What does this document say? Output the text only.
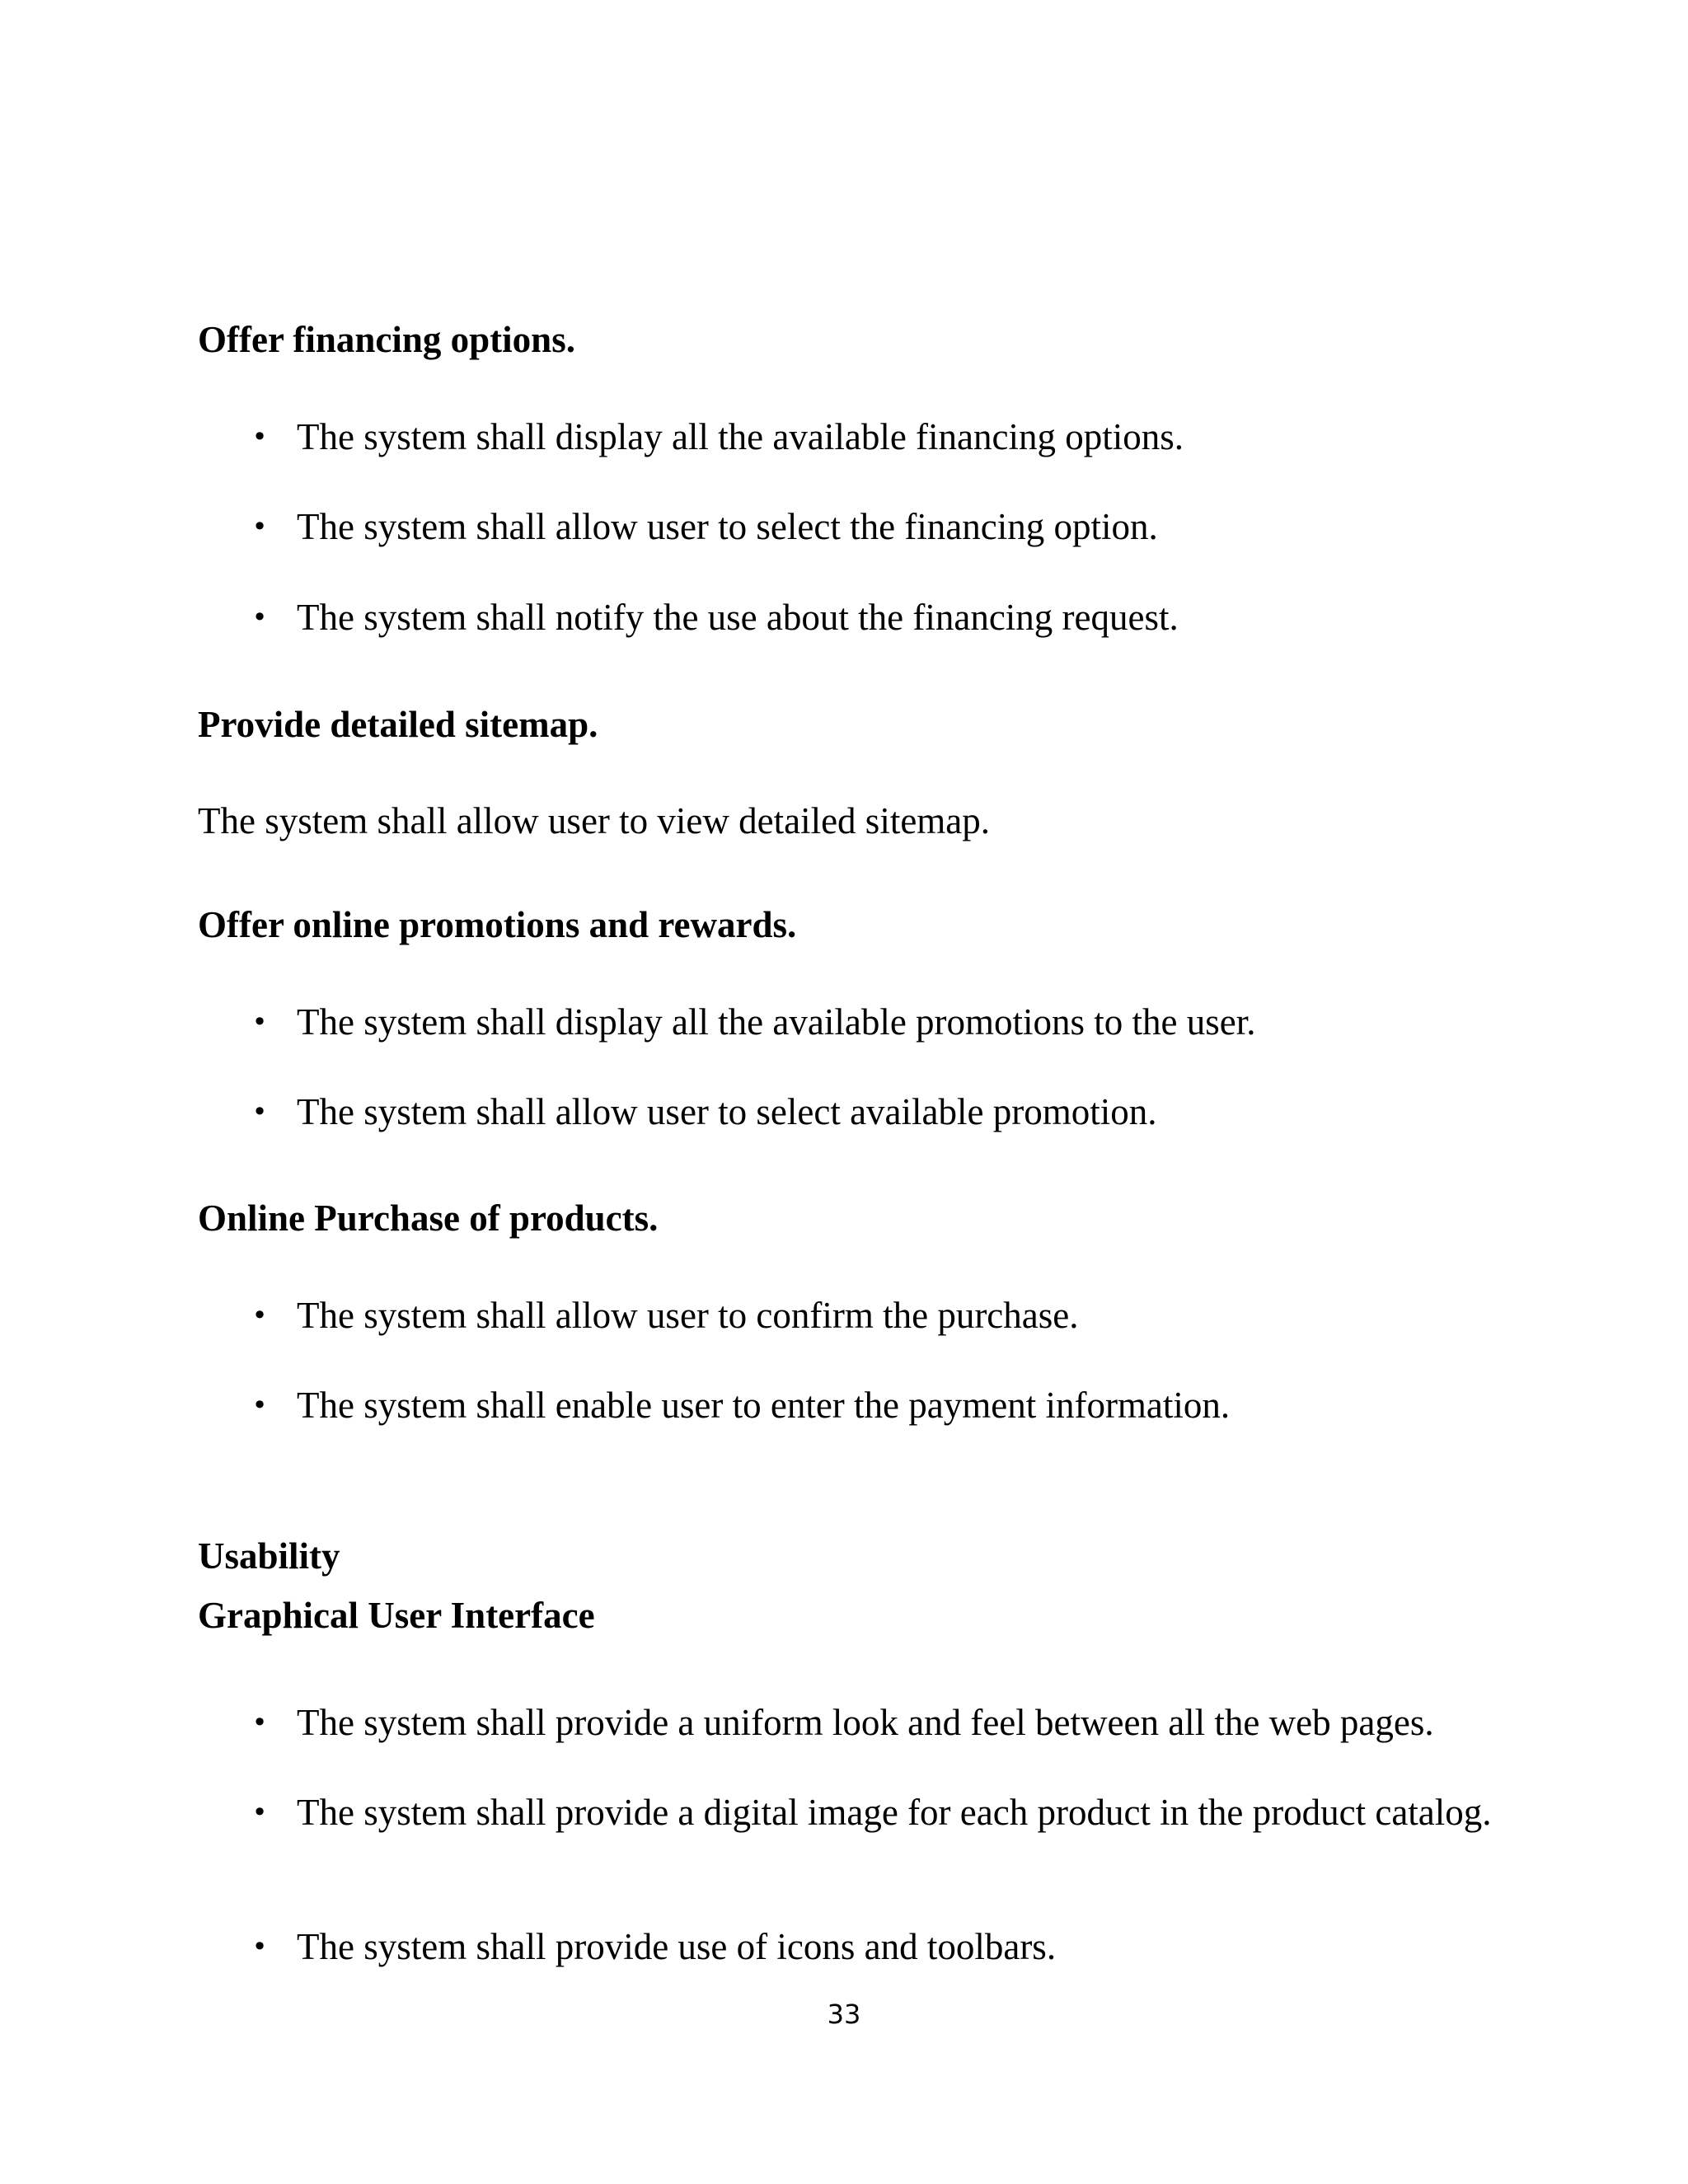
Offer financing options.
• The system shall display all the available financing options.
• The system shall allow user to select the financing option.
• The system shall notify the use about the financing request.
Provide detailed sitemap.

The system shall allow user to view detailed sitemap.

Offer online promotions and rewards.
• The system shall display all the available promotions to the user.
• The system shall allow user to select available promotion.
Online Purchase of products.
• The system shall allow user to confirm the purchase.
• The system shall enable user to enter the payment information.
Usability
Graphical User Interface
• The system shall provide a uniform look and feel between all the web pages.
• The system shall provide a digital image for each product in the product catalog.
• The system shall provide use of icons and toolbars.
33
